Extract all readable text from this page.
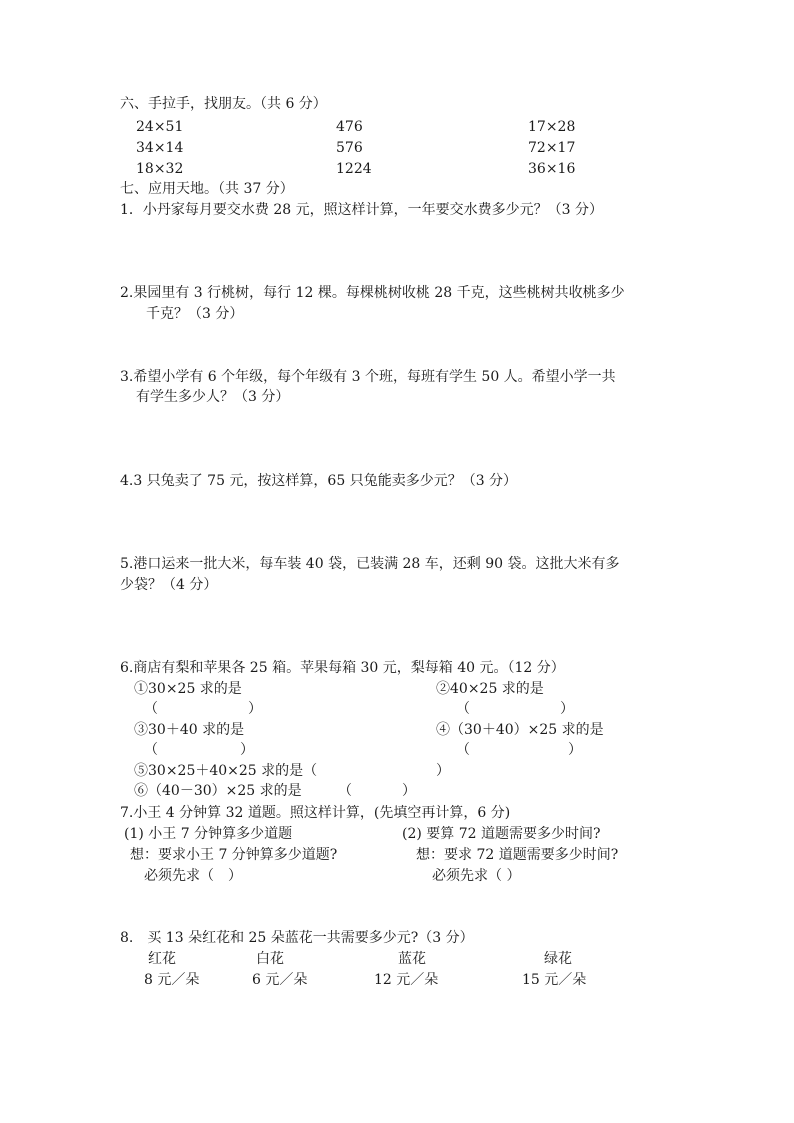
六、手拉手，找朋友。（共 6 分）
24×51	476	17×28
34×14	576	72×17
18×32	1224	36×16
七、应用天地。（共 37 分）
1．小丹家每月要交水费 28 元，照这样计算，一年要交水费多少元？（3 分）
2.果园里有 3 行桃树，每行 12 棵。每棵桃树收桃 28 千克，这些桃树共收桃多少
千克？（3 分）
3.希望小学有 6 个年级，每个年级有 3 个班，每班有学生 50 人。希望小学一共
有学生多少人？（3 分）
4.3 只兔卖了 75 元，按这样算，65 只兔能卖多少元？（3 分）
5.港口运来一批大米，每车装 40 袋，已装满 28 车，还剩 90 袋。这批大米有多
少袋？（4 分）
6.商店有梨和苹果各 25 箱。苹果每箱 30 元，梨每箱 40 元。（12 分）
①30×25 求的是	②40×25 求的是
（	）	（	）
③30＋40 求的是	④（30＋40）×25 求的是
（	）	（	）
⑤30×25＋40×25 求的是（	）
⑥（40－30）×25 求的是	（	）
7.小王 4 分钟算 32 道题。照这样计算，(先填空再计算，6 分)
(1) 小王 7 分钟算多少道题	(2) 要算 72 道题需要多少时间?
想：要求小王 7 分钟算多少道题?	想：要求 72 道题需要多少时间?
必须先求（　）	必须先求（ ）
8.　买 13 朵红花和 25 朵蓝花一共需要多少元?（3 分）
红花	白花	蓝花	绿花
8 元／朵	6 元／朵	12 元／朵	15 元／朵
